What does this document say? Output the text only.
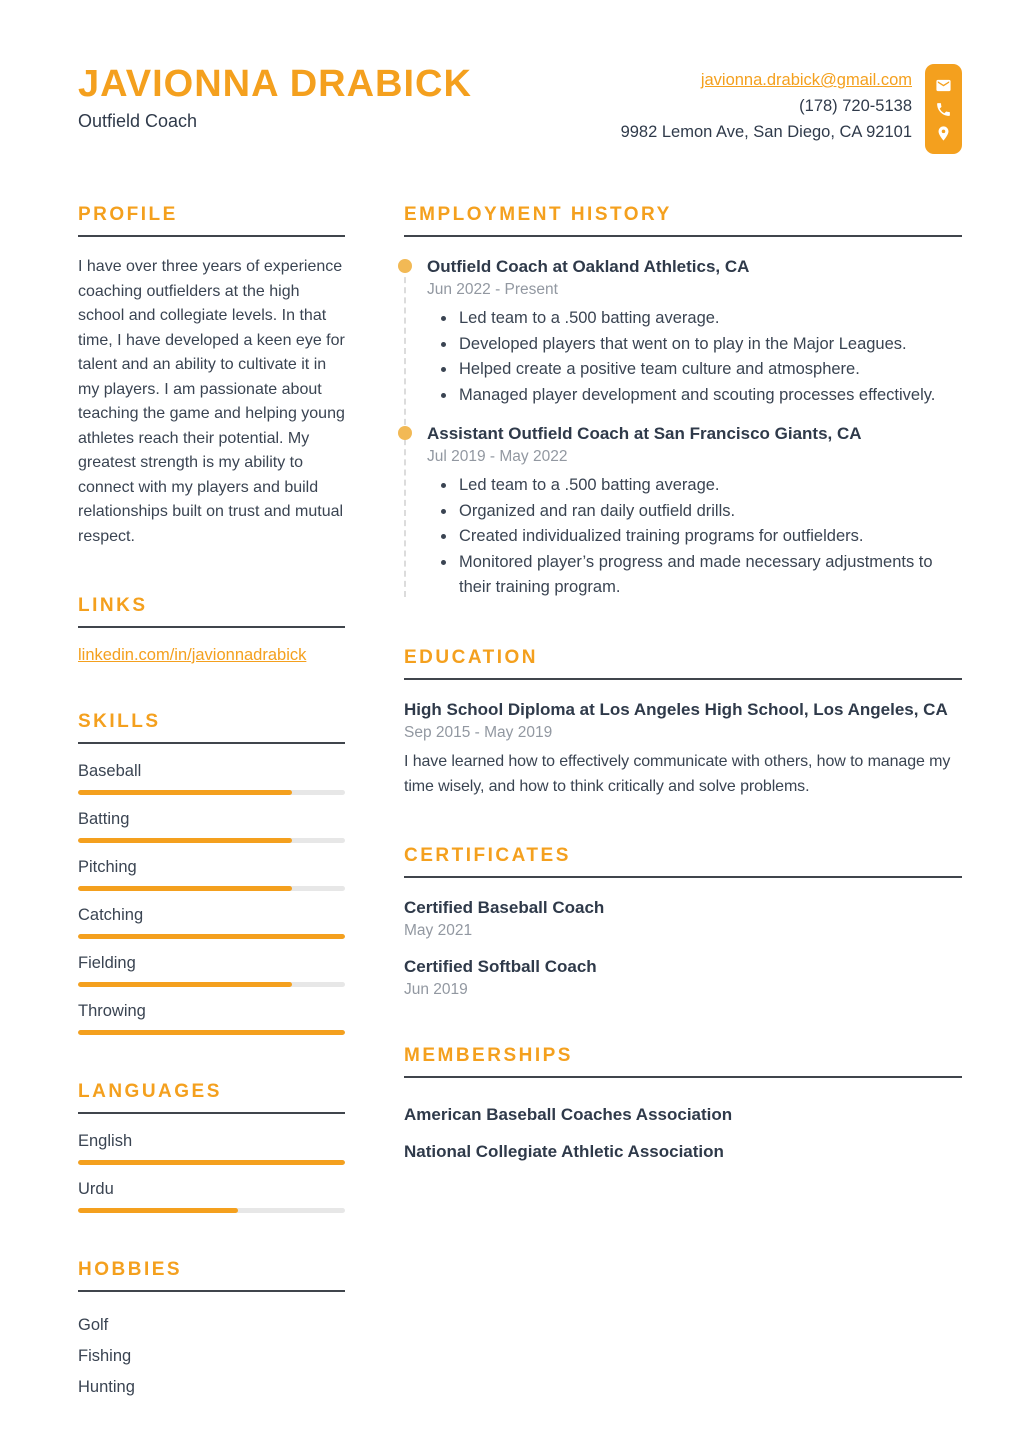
JAVIONNA DRABICK
Outfield Coach
javionna.drabick@gmail.com
(178) 720-5138
9982 Lemon Ave, San Diego, CA 92101
PROFILE

I have over three years of experience coaching outfielders at the high school and collegiate levels. In that time, I have developed a keen eye for talent and an ability to cultivate it in my players. I am passionate about teaching the game and helping young athletes reach their potential. My greatest strength is my ability to connect with my players and build relationships built on trust and mutual respect.

LINKS
linkedin.com/in/javionnadrabick
SKILLS
Baseball
Batting
Pitching
Catching
Fielding
Throwing
LANGUAGES
English
Urdu
HOBBIES
Golf
Fishing
Hunting
EMPLOYMENT HISTORY
Outfield Coach at Oakland Athletics, CA
Jun 2022 - Present
• Led team to a .500 batting average.
• Developed players that went on to play in the Major Leagues.
• Helped create a positive team culture and atmosphere.
• Managed player development and scouting processes effectively.
Assistant Outfield Coach at San Francisco Giants, CA
Jul 2019 - May 2022
• Led team to a .500 batting average.
• Organized and ran daily outfield drills.
• Created individualized training programs for outfielders.
• Monitored player’s progress and made necessary adjustments to their training program.
EDUCATION
High School Diploma at Los Angeles High School, Los Angeles, CA
Sep 2015 - May 2019

I have learned how to effectively communicate with others, how to manage my time wisely, and how to think critically and solve problems.

CERTIFICATES
Certified Baseball Coach
May 2021
Certified Softball Coach
Jun 2019
MEMBERSHIPS
American Baseball Coaches Association
National Collegiate Athletic Association
